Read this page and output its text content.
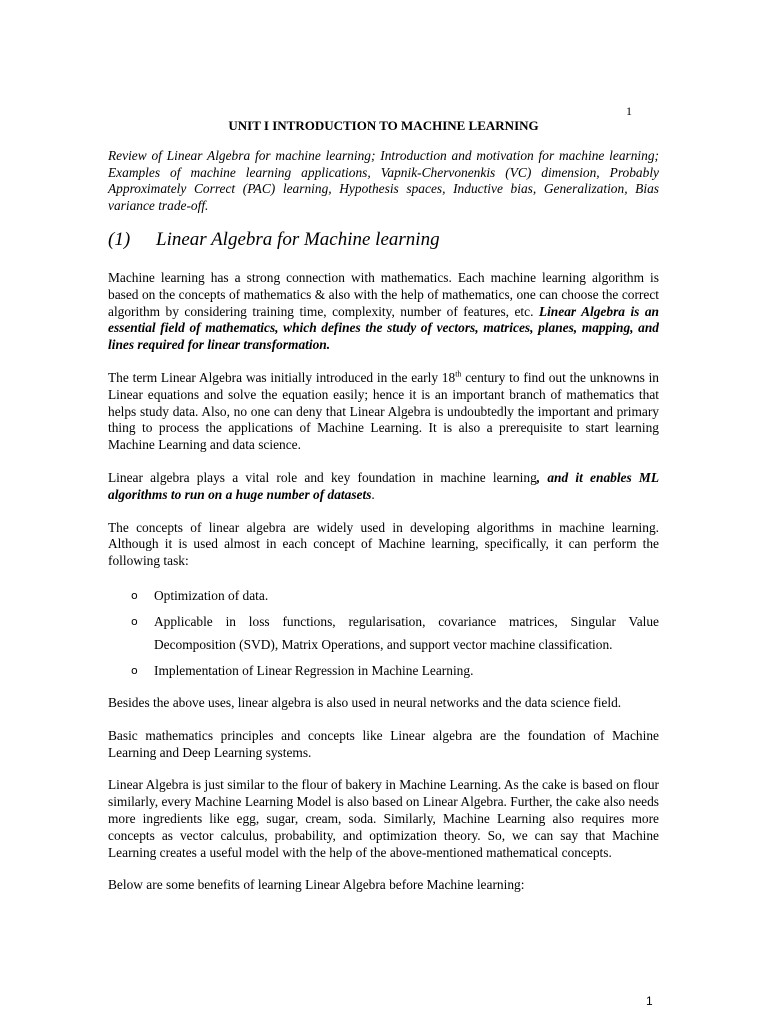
1
UNIT I INTRODUCTION TO MACHINE LEARNING
Review of Linear Algebra for machine learning; Introduction and motivation for machine learning; Examples of machine learning applications, Vapnik-Chervonenkis (VC) dimension, Probably Approximately Correct (PAC) learning, Hypothesis spaces, Inductive bias, Generalization, Bias variance trade-off.
(1) Linear Algebra for Machine learning

Machine learning has a strong connection with mathematics. Each machine learning algorithm is based on the concepts of mathematics & also with the help of mathematics, one can choose the correct algorithm by considering training time, complexity, number of features, etc. Linear Algebra is an essential field of mathematics, which defines the study of vectors, matrices, planes, mapping, and lines required for linear transformation.

The term Linear Algebra was initially introduced in the early 18th century to find out the unknowns in Linear equations and solve the equation easily; hence it is an important branch of mathematics that helps study data. Also, no one can deny that Linear Algebra is undoubtedly the important and primary thing to process the applications of Machine Learning. It is also a prerequisite to start learning Machine Learning and data science.

Linear algebra plays a vital role and key foundation in machine learning, and it enables ML algorithms to run on a huge number of datasets.

The concepts of linear algebra are widely used in developing algorithms in machine learning. Although it is used almost in each concept of Machine learning, specifically, it can perform the following task:

o Optimization of data.
o Applicable in loss functions, regularisation, covariance matrices, Singular Value Decomposition (SVD), Matrix Operations, and support vector machine classification.
o Implementation of Linear Regression in Machine Learning.

Besides the above uses, linear algebra is also used in neural networks and the data science field.

Basic mathematics principles and concepts like Linear algebra are the foundation of Machine Learning and Deep Learning systems.

Linear Algebra is just similar to the flour of bakery in Machine Learning. As the cake is based on flour similarly, every Machine Learning Model is also based on Linear Algebra. Further, the cake also needs more ingredients like egg, sugar, cream, soda. Similarly, Machine Learning also requires more concepts as vector calculus, probability, and optimization theory. So, we can say that Machine Learning creates a useful model with the help of the above-mentioned mathematical concepts.

Below are some benefits of learning Linear Algebra before Machine learning:

1
